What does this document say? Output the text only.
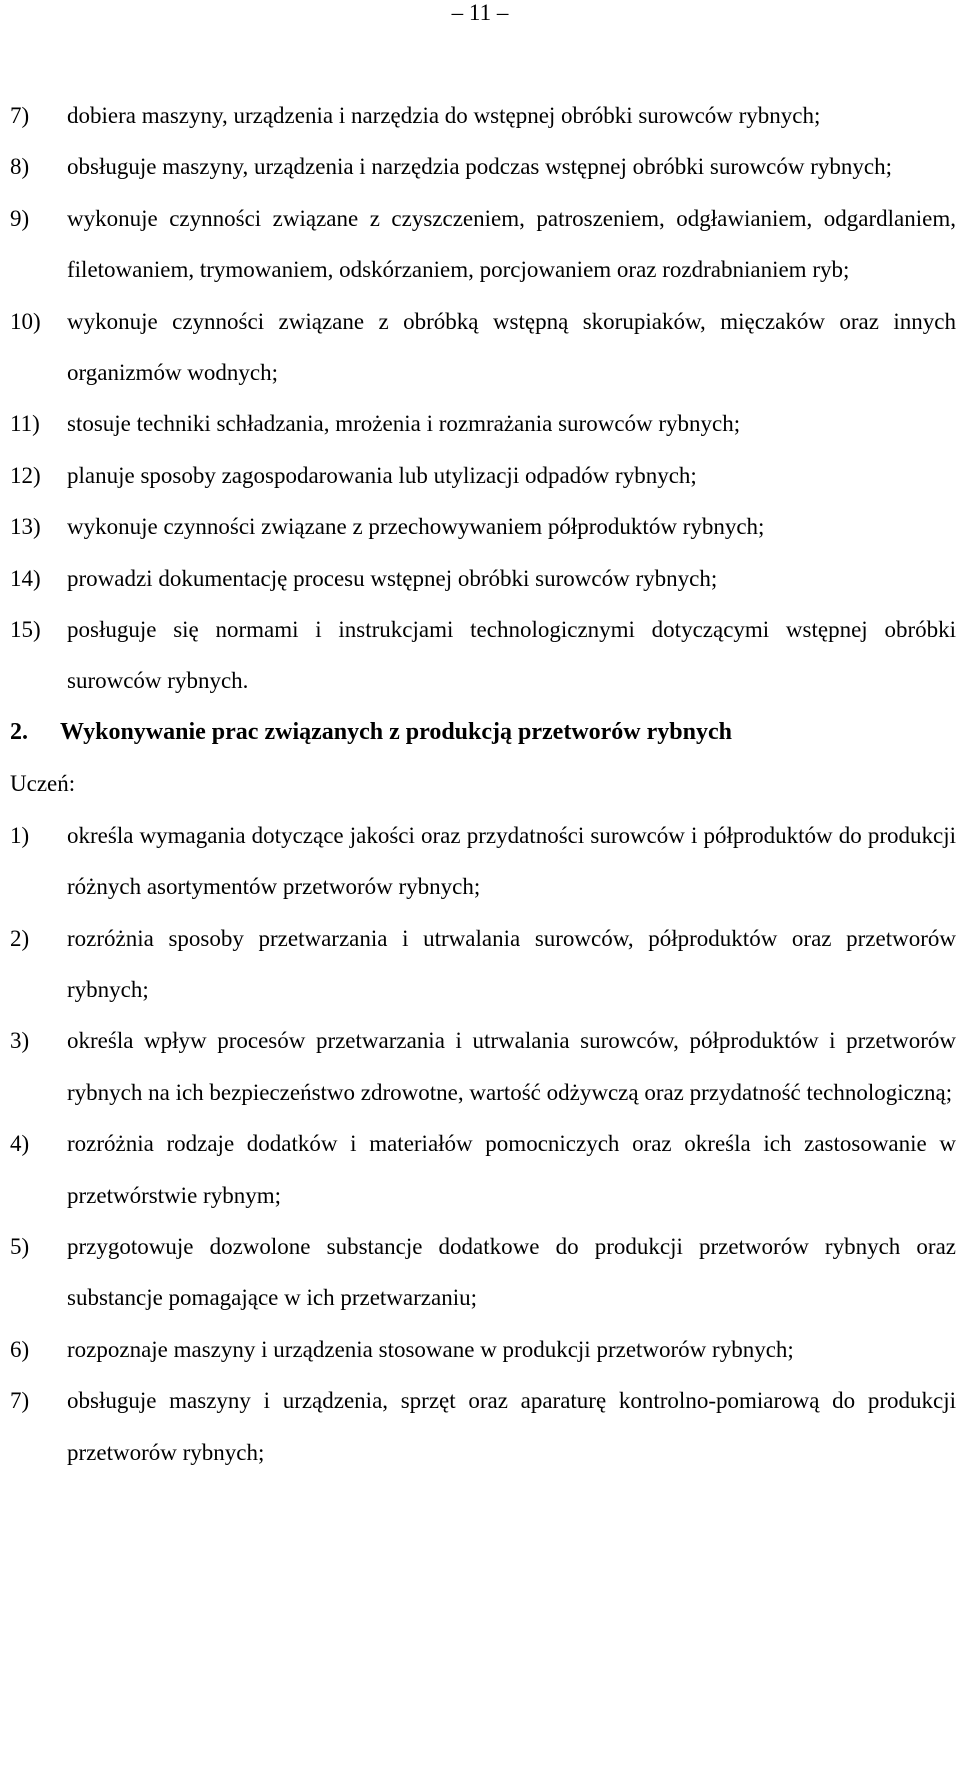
– 11 –
7) dobiera maszyny, urządzenia i narzędzia do wstępnej obróbki surowców rybnych;
8) obsługuje maszyny, urządzenia i narzędzia podczas wstępnej obróbki surowców rybnych;
9) wykonuje czynności związane z czyszczeniem, patroszeniem, odgławianiem, odgardlaniem, filetowaniem, trymowaniem, odskórzaniem, porcjowaniem oraz rozdrabnianiem ryb;
10) wykonuje czynności związane z obróbką wstępną skorupiaków, mięczaków oraz innych organizmów wodnych;
11) stosuje techniki schładzania, mrożenia i rozmrażania surowców rybnych;
12) planuje sposoby zagospodarowania lub utylizacji odpadów rybnych;
13) wykonuje czynności związane z przechowywaniem półproduktów rybnych;
14) prowadzi dokumentację procesu wstępnej obróbki surowców rybnych;
15) posługuje się normami i instrukcjami technologicznymi dotyczącymi wstępnej obróbki surowców rybnych.
2. Wykonywanie prac związanych z produkcją przetworów rybnych
Uczeń:
1) określa wymagania dotyczące jakości oraz przydatności surowców i półproduktów do produkcji różnych asortymentów przetworów rybnych;
2) rozróżnia sposoby przetwarzania i utrwalania surowców, półproduktów oraz przetworów rybnych;
3) określa wpływ procesów przetwarzania i utrwalania surowców, półproduktów i przetworów rybnych na ich bezpieczeństwo zdrowotne, wartość odżywczą oraz przydatność technologiczną;
4) rozróżnia rodzaje dodatków i materiałów pomocniczych oraz określa ich zastosowanie w przetwórstwie rybnym;
5) przygotowuje dozwolone substancje dodatkowe do produkcji przetworów rybnych oraz substancje pomagające w ich przetwarzaniu;
6) rozpoznaje maszyny i urządzenia stosowane w produkcji przetworów rybnych;
7) obsługuje maszyny i urządzenia, sprzęt oraz aparaturę kontrolno-pomiarową do produkcji przetworów rybnych;
